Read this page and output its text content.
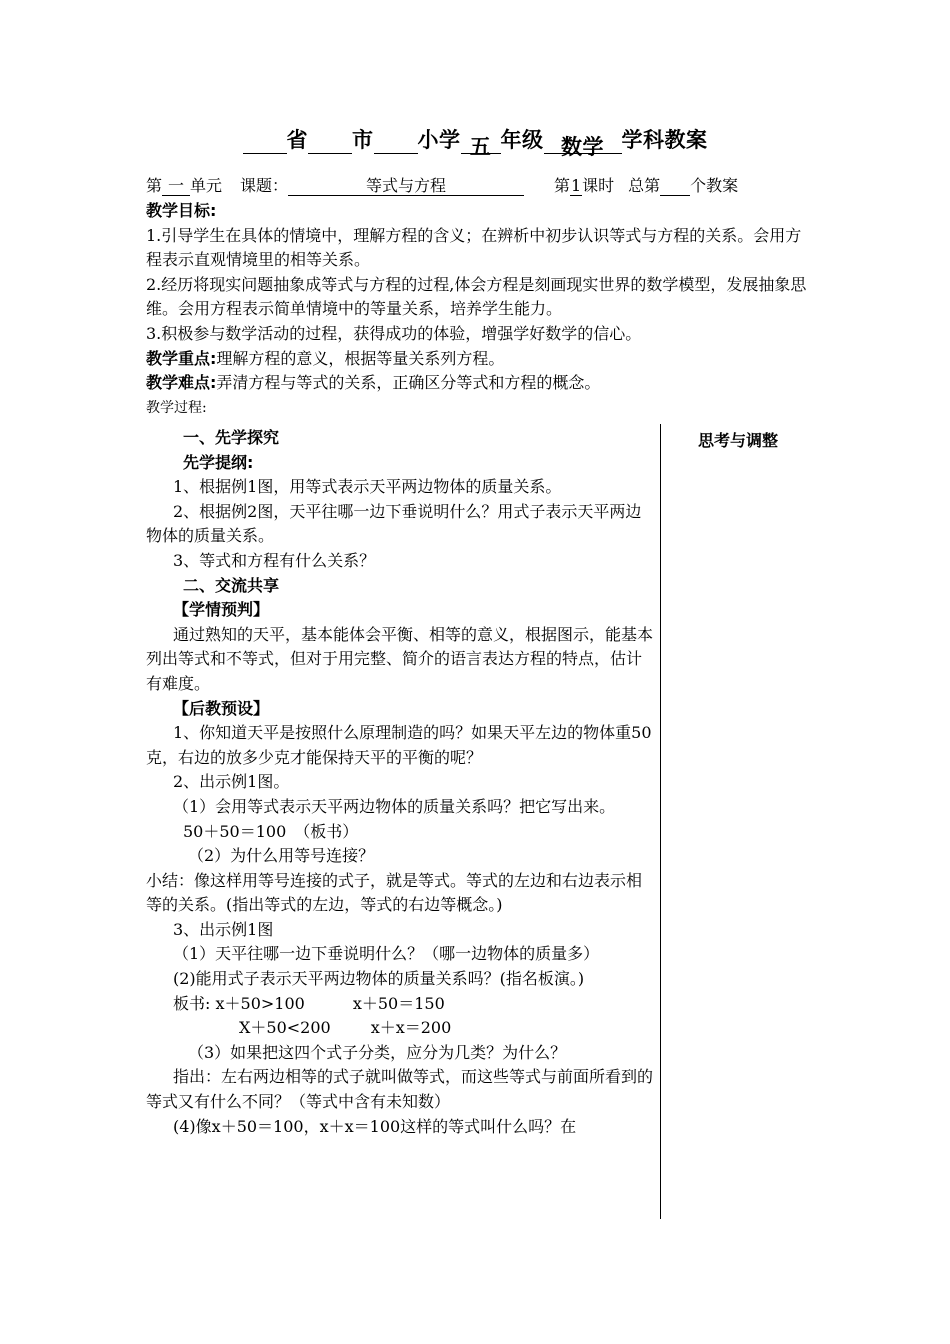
省 市 小学 五 年级 数学 学科教案
第 一 单元 课题：	等式与方程	第1课时 总第 个教案

教学目标:

1.引导学生在具体的情境中，理解方程的含义；在辨析中初步认识等式与方程的关系。会用方程表示直观情境里的相等关系。

2.经历将现实问题抽象成等式与方程的过程,体会方程是刻画现实世界的数学模型，发展抽象思维。会用方程表示简单情境中的等量关系，培养学生能力。

3.积极参与数学活动的过程，获得成功的体验，增强学好数学的信心。

教学重点:理解方程的意义，根据等量关系列方程。

教学难点:弄清方程与等式的关系，正确区分等式和方程的概念。

教学过程:

思考与调整

一、先学探究

先学提纲:

1、根据例1图，用等式表示天平两边物体的质量关系。

2、根据例2图，天平往哪一边下垂说明什么？用式子表示天平两边物体的质量关系。

3、等式和方程有什么关系？

二、交流共享

【学情预判】

通过熟知的天平，基本能体会平衡、相等的意义，根据图示，能基本列出等式和不等式，但对于用完整、简介的语言表达方程的特点，估计有难度。

【后教预设】

1、你知道天平是按照什么原理制造的吗？如果天平左边的物体重50克，右边的放多少克才能保持天平的平衡的呢？

2、出示例1图。

（1）会用等式表示天平两边物体的质量关系吗？把它写出来。

50＋50＝100　（板书）

（2）为什么用等号连接？

小结：像这样用等号连接的式子，就是等式。等式的左边和右边表示相等的关系。(指出等式的左边，等式的右边等概念。)

3、出示例1图

（1）天平往哪一边下垂说明什么？（哪一边物体的质量多）

(2)能用式子表示天平两边物体的质量关系吗？(指名板演。)

板书: x＋50>100	x＋50＝150

X＋50<200	x＋x＝200

（3）如果把这四个式子分类，应分为几类？为什么？

指出：左右两边相等的式子就叫做等式，而这些等式与前面所看到的等式又有什么不同？（等式中含有未知数）

(4)像x＋50＝100，x＋x＝100这样的等式叫什么吗？在
